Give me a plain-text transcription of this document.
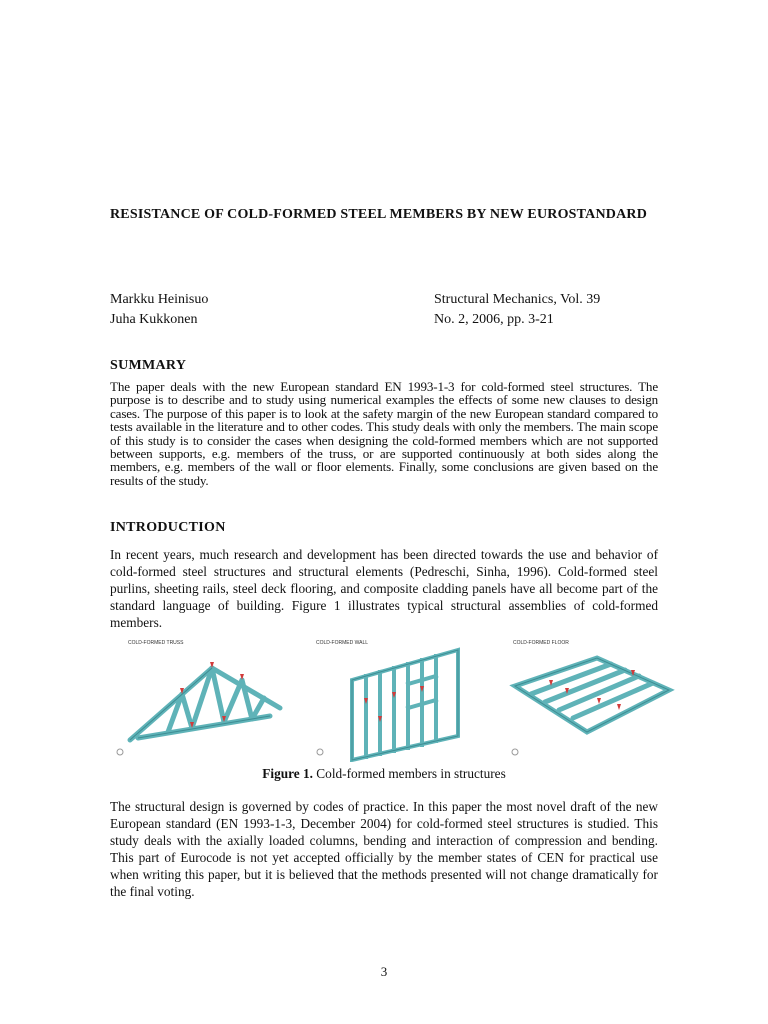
RESISTANCE OF COLD-FORMED STEEL MEMBERS BY NEW EUROSTANDARD
Markku Heinisuo
Juha Kukkonen
Structural Mechanics, Vol. 39
No. 2, 2006, pp. 3-21
SUMMARY
The paper deals with the new European standard EN 1993-1-3 for cold-formed steel structures. The purpose is to describe and to study using numerical examples the effects of some new clauses to design cases. The purpose of this paper is to look at the safety margin of the new European standard compared to tests available in the literature and to other codes. This study deals with only the members. The main scope of this study is to consider the cases when designing the cold-formed members which are not supported between supports, e.g. members of the truss, or are supported continuously at both sides along the members, e.g. members of the wall or floor elements. Finally, some conclusions are given based on the results of the study.
INTRODUCTION
In recent years, much research and development has been directed towards the use and behavior of cold-formed steel structures and structural elements (Pedreschi, Sinha, 1996). Cold-formed steel purlins, sheeting rails, steel deck flooring, and composite cladding panels have all become part of the standard language of building. Figure 1 illustrates typical structural assemblies of cold-formed members.
COLD-FORMED TRUSS	COLD-FORMED WALL	COLD-FORMED FLOOR
Figure 1. Cold-formed members in structures
The structural design is governed by codes of practice. In this paper the most novel draft of the new European standard (EN 1993-1-3, December 2004) for cold-formed steel structures is studied. This study deals with the axially loaded columns, bending and interaction of compression and bending. This part of Eurocode is not yet accepted officially by the member states of CEN for practical use when writing this paper, but it is believed that the methods presented will not change dramatically for the final voting.
3
